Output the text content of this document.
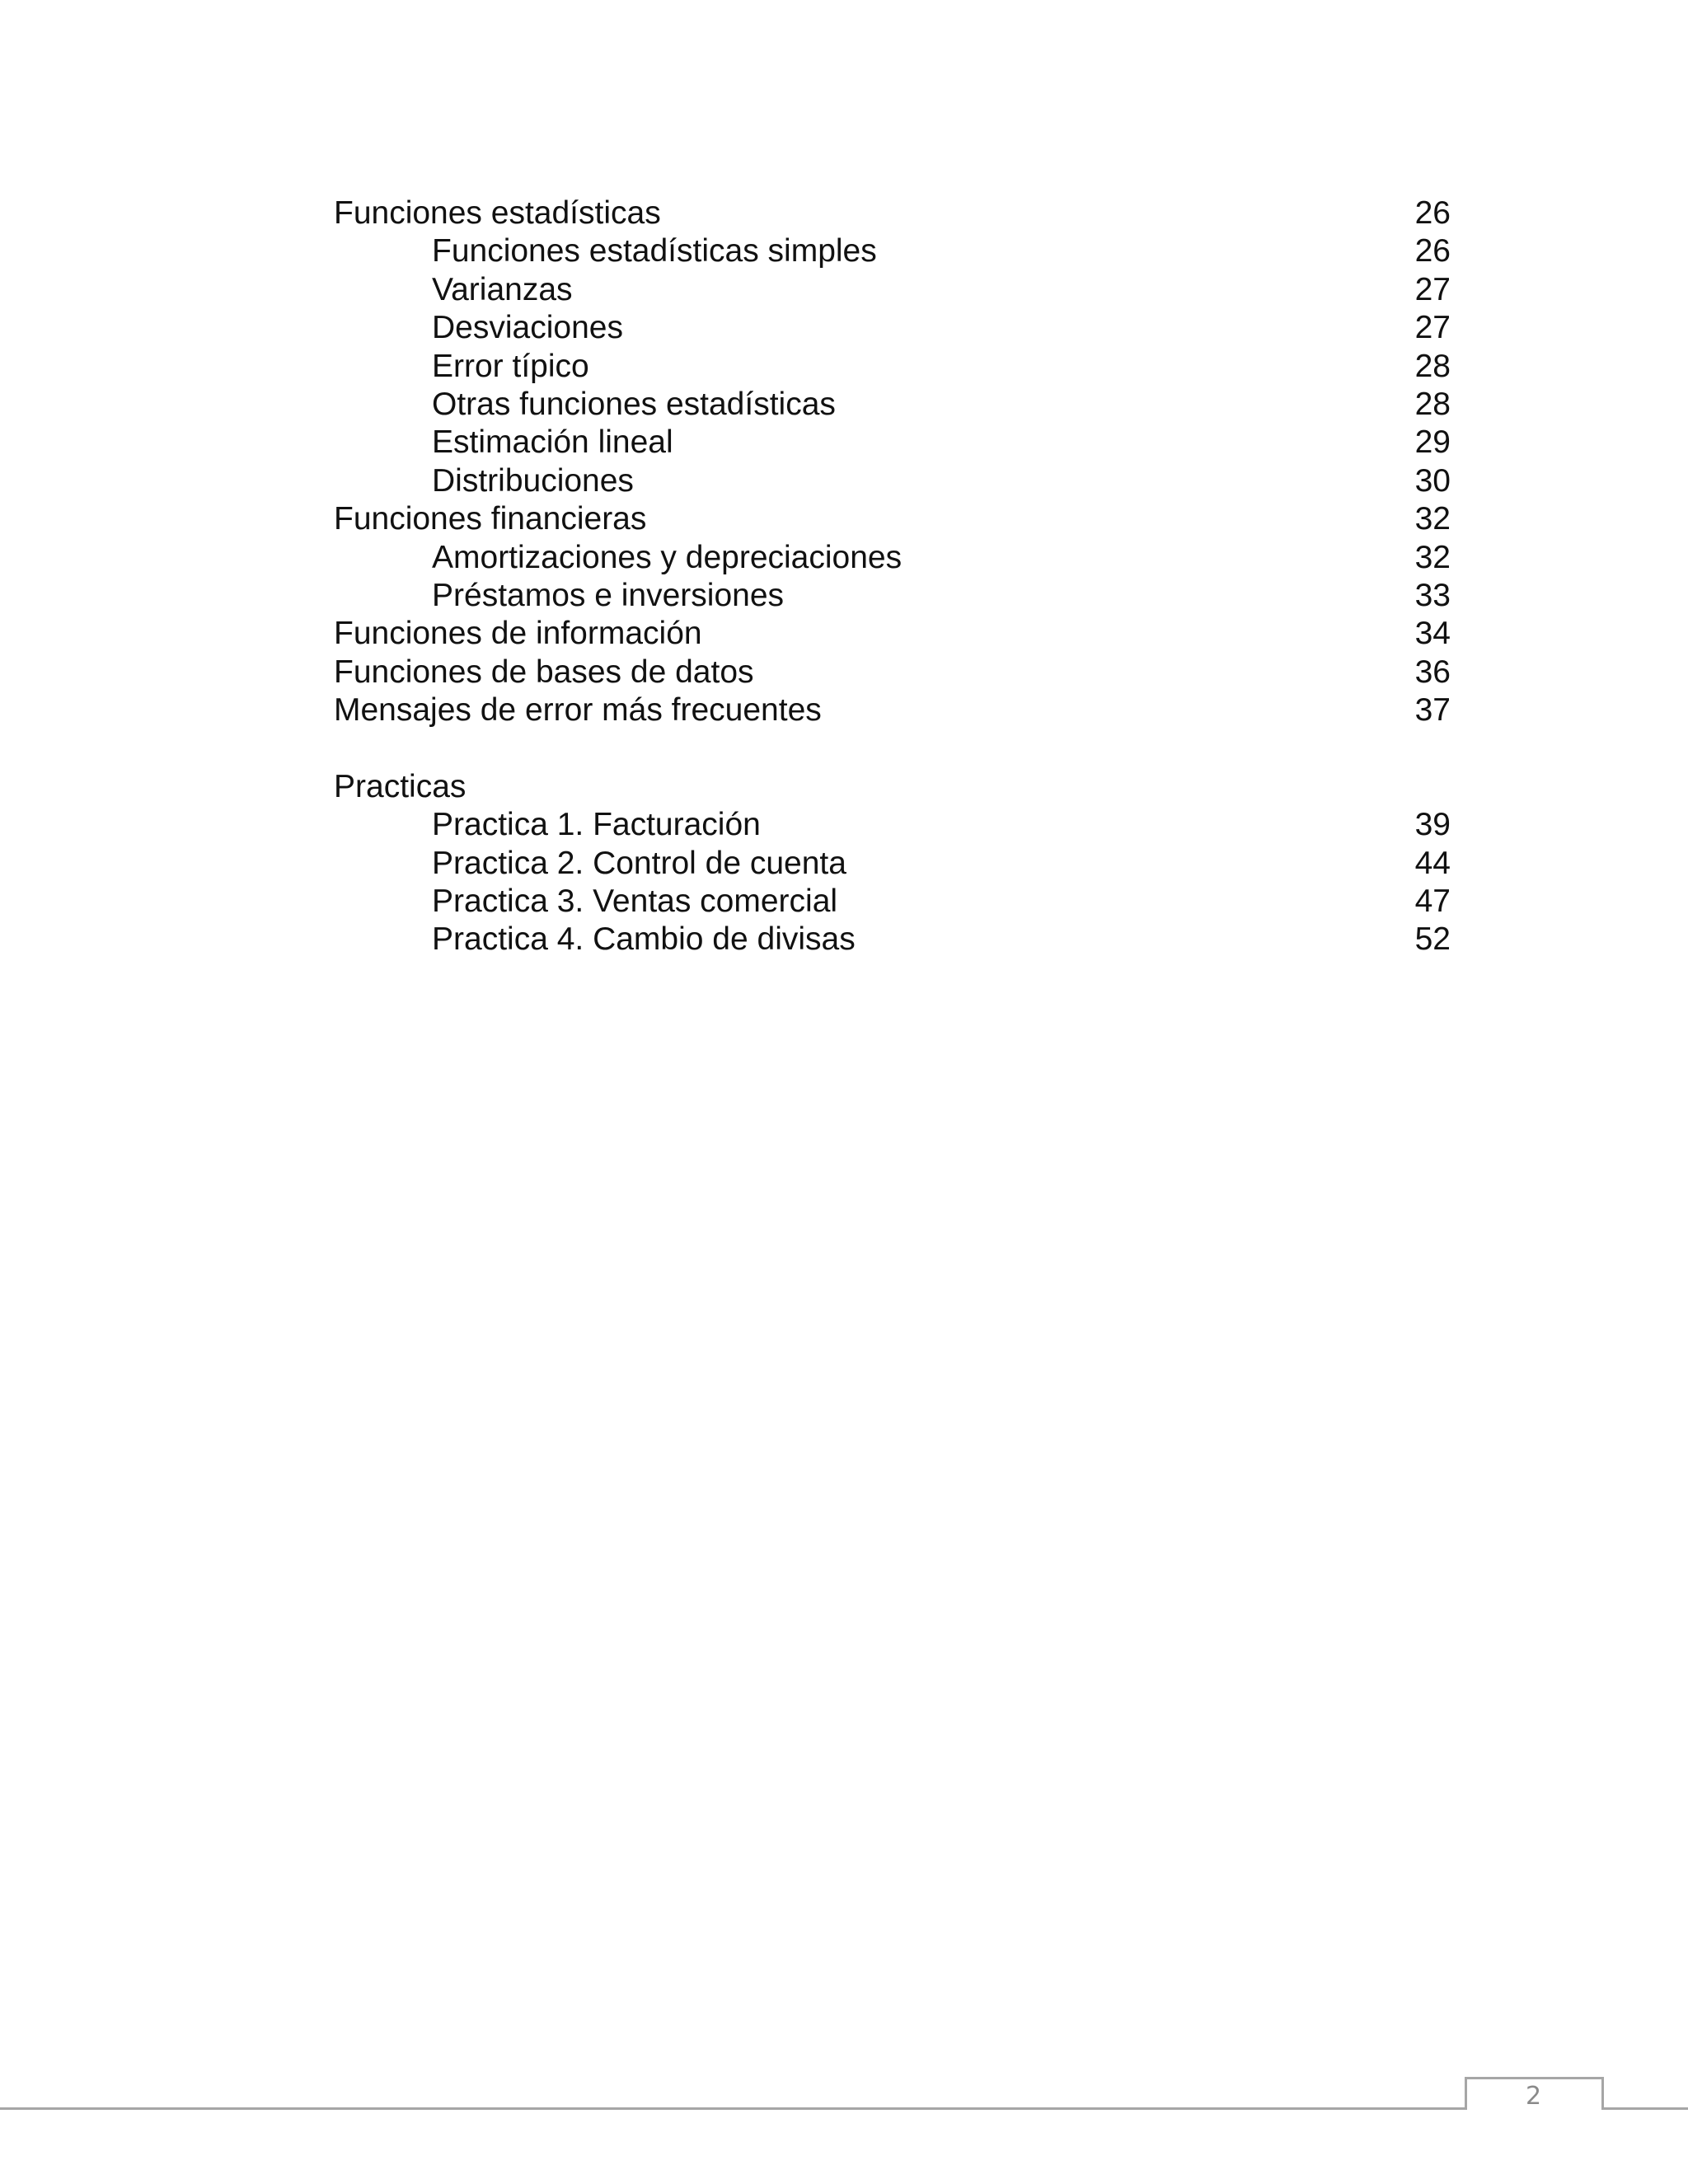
Funciones estadísticas	26
Funciones estadísticas simples	26
Varianzas	27
Desviaciones	27
Error típico	28
Otras funciones estadísticas	28
Estimación lineal	29
Distribuciones	30
Funciones financieras	32
Amortizaciones y depreciaciones	32
Préstamos e inversiones	33
Funciones de información	34
Funciones de bases de datos	36
Mensajes de error más frecuentes	37
Practicas
Practica 1. Facturación	39
Practica 2. Control de cuenta	44
Practica 3. Ventas comercial	47
Practica 4. Cambio de divisas	52
2
